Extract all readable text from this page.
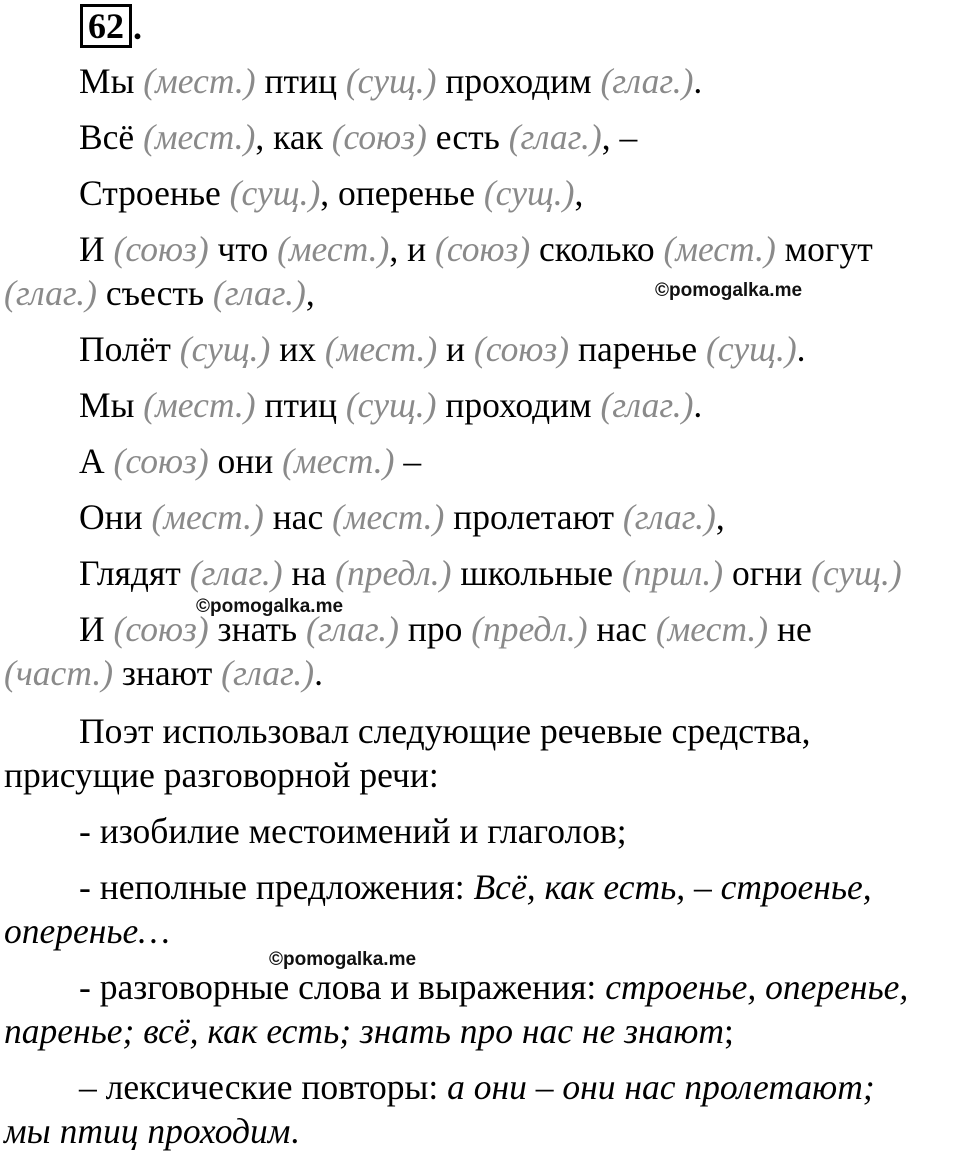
62 .
Мы (мест.) птиц (сущ.) проходим (глаг.).
Всё (мест.), как (союз) есть (глаг.), –
Строенье (сущ.), оперенье (сущ.),
И (союз) что (мест.), и (союз) сколько (мест.) могут
(глаг.) съесть (глаг.),
Полёт (сущ.) их (мест.) и (союз) паренье (сущ.).
Мы (мест.) птиц (сущ.) проходим (глаг.).
А (союз) они (мест.) –
Они (мест.) нас (мест.) пролетают (глаг.),
Глядят (глаг.) на (предл.) школьные (прил.) огни (сущ.)
И (союз) знать (глаг.) про (предл.) нас (мест.) не
(част.) знают (глаг.).
Поэт использовал следующие речевые средства,
присущие разговорной речи:
- изобилие местоимений и глаголов;
- неполные предложения: Всё, как есть, – строенье,
оперенье…
- разговорные слова и выражения: строенье, оперенье,
паренье; всё, как есть; знать про нас не знают;
– лексические повторы: а они – они нас пролетают;
мы птиц проходим.
©pomogalka.me
©pomogalka.me
©pomogalka.me
